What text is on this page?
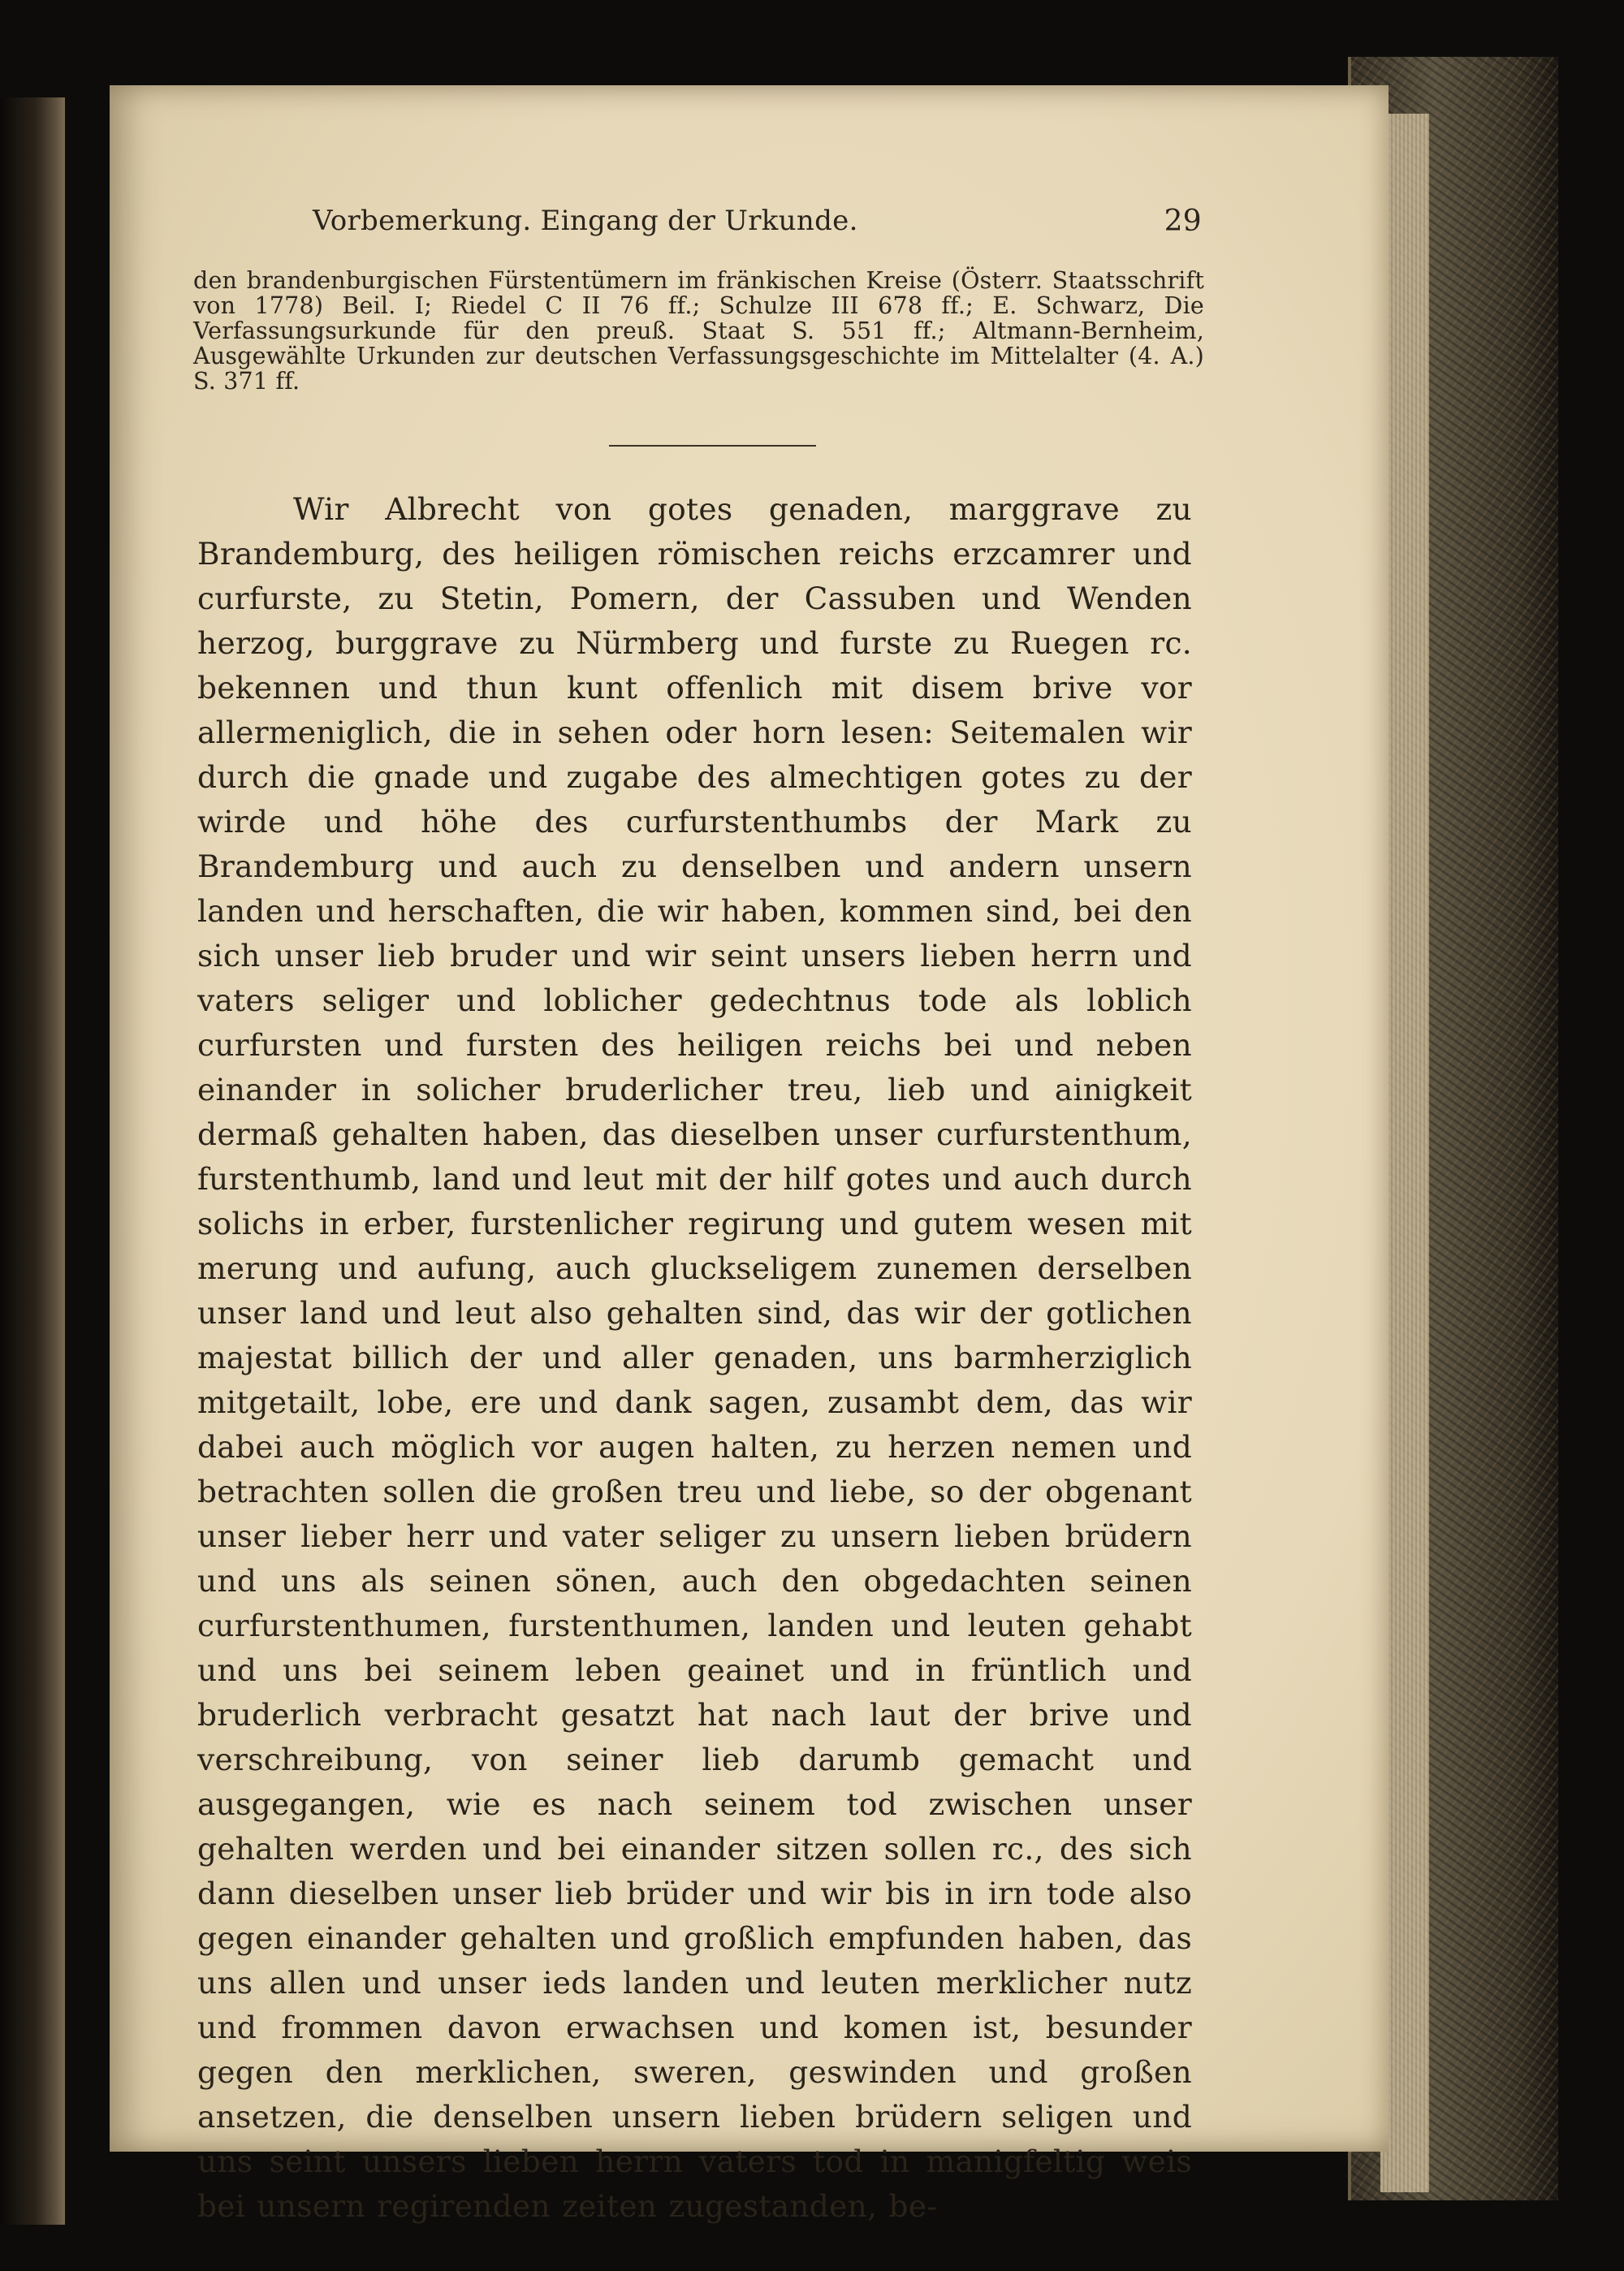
Vorbemerkung. Eingang der Urkunde.	29
den brandenburgischen Fürstentümern im fränkischen Kreise (Österr. Staatsschrift von 1778) Beil. I; Riedel C II 76 ff.; Schulze III 678 ff.; E. Schwarz, Die Verfassungsurkunde für den preuß. Staat S. 551 ff.; Altmann-Bernheim, Ausgewählte Urkunden zur deutschen Verfassungsgeschichte im Mittelalter (4. A.) S. 371 ff.
Wir Albrecht von gotes genaden, marggrave zu Brandemburg, des heiligen römischen reichs erzcamrer und curfurste, zu Stetin, Pomern, der Cassuben und Wenden herzog, burggrave zu Nürmberg und furste zu Ruegen rc. bekennen und thun kunt offenlich mit disem brive vor allermeniglich, die in sehen oder horn lesen: Seitemalen wir durch die gnade und zugabe des almechtigen gotes zu der wirde und höhe des curfurstenthumbs der Mark zu Brandemburg und auch zu denselben und andern unsern landen und herschaften, die wir haben, kommen sind, bei den sich unser lieb bruder und wir seint unsers lieben herrn und vaters seliger und loblicher gedechtnus tode als loblich curfursten und fursten des heiligen reichs bei und neben einander in solicher bruderlicher treu, lieb und ainigkeit dermaß gehalten haben, das dieselben unser curfurstenthum, furstenthumb, land und leut mit der hilf gotes und auch durch solichs in erber, furstenlicher regirung und gutem wesen mit merung und aufung, auch gluckseligem zunemen derselben unser land und leut also gehalten sind, das wir der gotlichen majestat billich der und aller genaden, uns barmherziglich mitgetailt, lobe, ere und dank sagen, zusambt dem, das wir dabei auch möglich vor augen halten, zu herzen nemen und betrachten sollen die großen treu und liebe, so der obgenant unser lieber herr und vater seliger zu unsern lieben brüdern und uns als seinen sönen, auch den obgedachten seinen curfurstenthumen, furstenthumen, landen und leuten gehabt und uns bei seinem leben geainet und in früntlich und bruderlich verbracht gesatzt hat nach laut der brive und verschreibung, von seiner lieb darumb gemacht und ausgegangen, wie es nach seinem tod zwischen unser gehalten werden und bei einander sitzen sollen rc., des sich dann dieselben unser lieb brüder und wir bis in irn tode also gegen einander gehalten und großlich empfunden haben, das uns allen und unser ieds landen und leuten merklicher nutz und frommen davon erwachsen und komen ist, besunder gegen den merklichen, sweren, geswinden und großen ansetzen, die denselben unsern lieben brüdern seligen und uns seint unsers lieben herrn vaters tod in manigfeltig weis bei unsern regirenden zeiten zugestanden, be-
